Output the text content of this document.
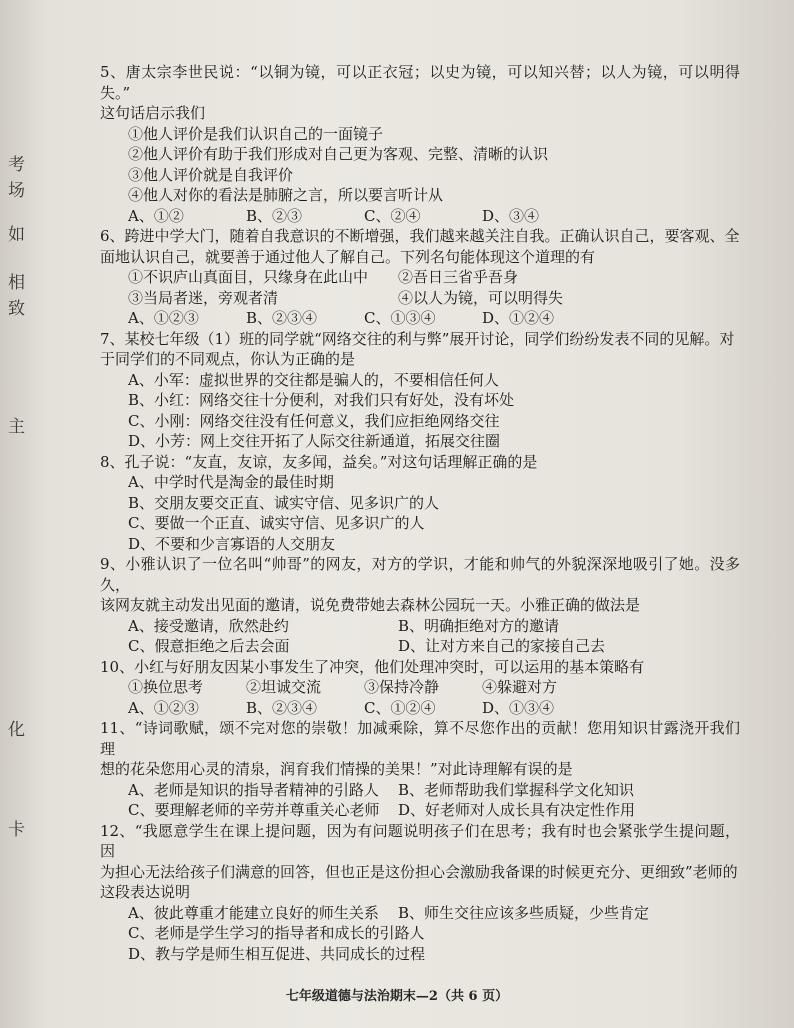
考
场
如
相
致
主
化
卡
5、唐太宗李世民说：“以铜为镜，可以正衣冠；以史为镜，可以知兴替；以人为镜，可以明得失。”
这句话启示我们
①他人评价是我们认识自己的一面镜子
②他人评价有助于我们形成对自己更为客观、完整、清晰的认识
③他人评价就是自我评价
④他人对你的看法是肺腑之言，所以要言听计从
A、①②	B、②③	C、②④	D、③④
6、跨进中学大门，随着自我意识的不断增强，我们越来越关注自我。正确认识自己，要客观、全
面地认识自己，就要善于通过他人了解自己。下列名句能体现这个道理的有
①不识庐山真面目，只缘身在此山中	②吾日三省乎吾身
③当局者迷，旁观者清	④以人为镜，可以明得失
A、①②③	B、②③④	C、①③④	D、①②④
7、某校七年级（1）班的同学就“网络交往的利与弊”展开讨论，同学们纷纷发表不同的见解。对
于同学们的不同观点，你认为正确的是
A、小军：虚拟世界的交往都是骗人的，不要相信任何人
B、小红：网络交往十分便利，对我们只有好处，没有坏处
C、小刚：网络交往没有任何意义，我们应拒绝网络交往
D、小芳：网上交往开拓了人际交往新通道，拓展交往圈
8、孔子说：“友直，友谅，友多闻，益矣。”对这句话理解正确的是
A、中学时代是淘金的最佳时期
B、交朋友要交正直、诚实守信、见多识广的人
C、要做一个正直、诚实守信、见多识广的人
D、不要和少言寡语的人交朋友
9、小雅认识了一位名叫“帅哥”的网友，对方的学识，才能和帅气的外貌深深地吸引了她。没多久，
该网友就主动发出见面的邀请，说免费带她去森林公园玩一天。小雅正确的做法是
A、接受邀请，欣然赴约	B、明确拒绝对方的邀请
C、假意拒绝之后去会面	D、让对方来自己的家接自己去
10、小红与好朋友因某小事发生了冲突，他们处理冲突时，可以运用的基本策略有
①换位思考	②坦诚交流	③保持冷静	④躲避对方
A、①②③	B、②③④	C、①②④	D、①③④
11、“诗词歌赋，颂不完对您的崇敬！加减乘除，算不尽您作出的贡献！您用知识甘露浇开我们理
想的花朵您用心灵的清泉，润育我们情操的美果！”对此诗理解有误的是
A、老师是知识的指导者精神的引路人	B、老师帮助我们掌握科学文化知识
C、要理解老师的辛劳并尊重关心老师	D、好老师对人成长具有决定性作用
12、“我愿意学生在课上提问题，因为有问题说明孩子们在思考；我有时也会紧张学生提问题，因
为担心无法给孩子们满意的回答，但也正是这份担心会激励我备课的时候更充分、更细致”老师的
这段表达说明
A、彼此尊重才能建立良好的师生关系	B、师生交往应该多些质疑，少些肯定
C、老师是学生学习的指导者和成长的引路人
D、教与学是师生相互促进、共同成长的过程
七年级道德与法治期末—2（共 6 页）
